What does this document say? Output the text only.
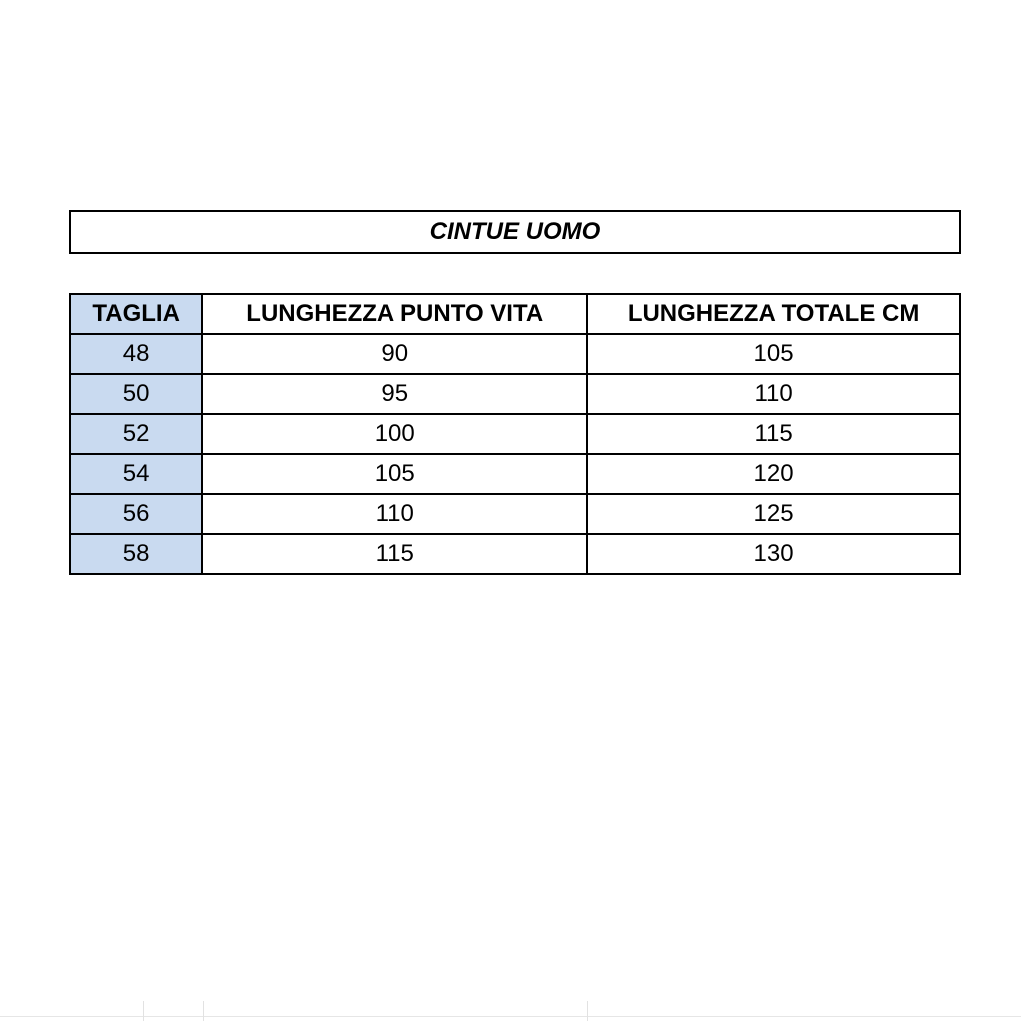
CINTUE UOMO
TAGLIA	LUNGHEZZA PUNTO VITA	LUNGHEZZA TOTALE CM
48	90	105
50	95	110
52	100	115
54	105	120
56	110	125
58	115	130
